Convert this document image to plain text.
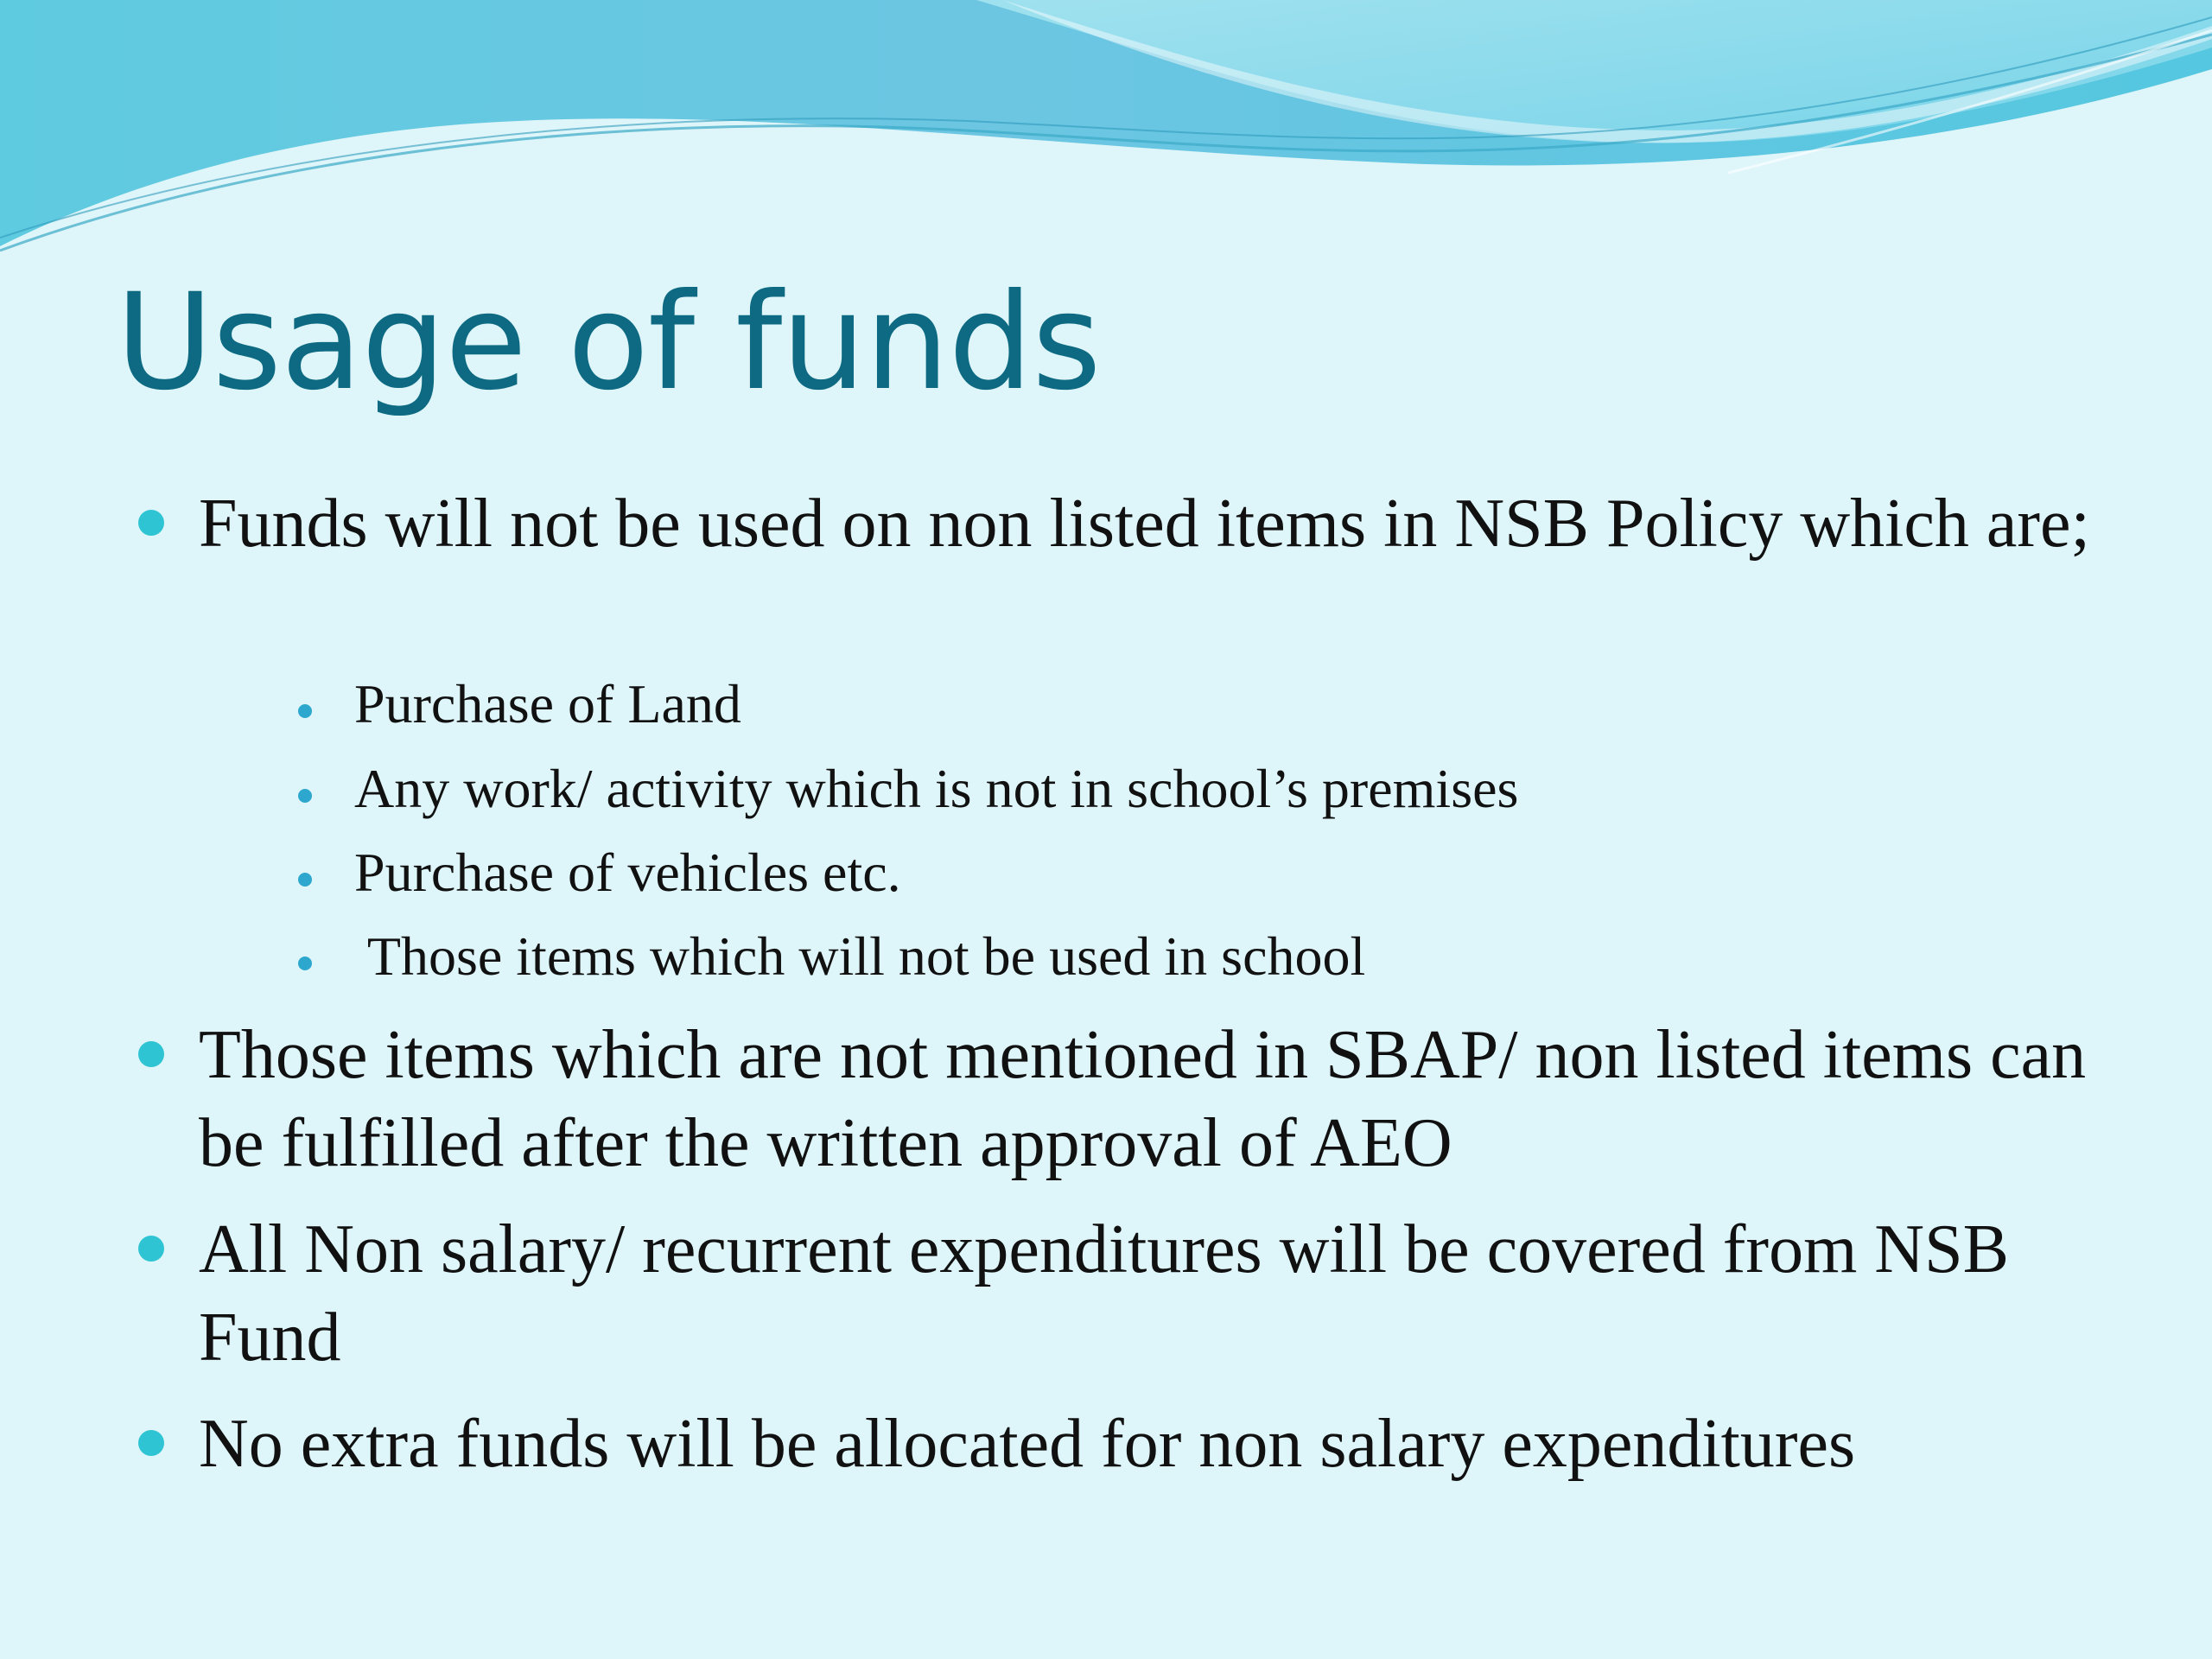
Usage of funds

Funds will not be used on non listed items in NSB Policy which are;

Purchase of Land

Any work/ activity which is not in school’s premises

Purchase of vehicles etc.

Those items which will not be used in school

Those items which are not mentioned in SBAP/ non listed items can be fulfilled after the written approval of AEO

All Non salary/ recurrent expenditures will be covered from NSB Fund

No extra funds will be allocated for non salary expenditures
